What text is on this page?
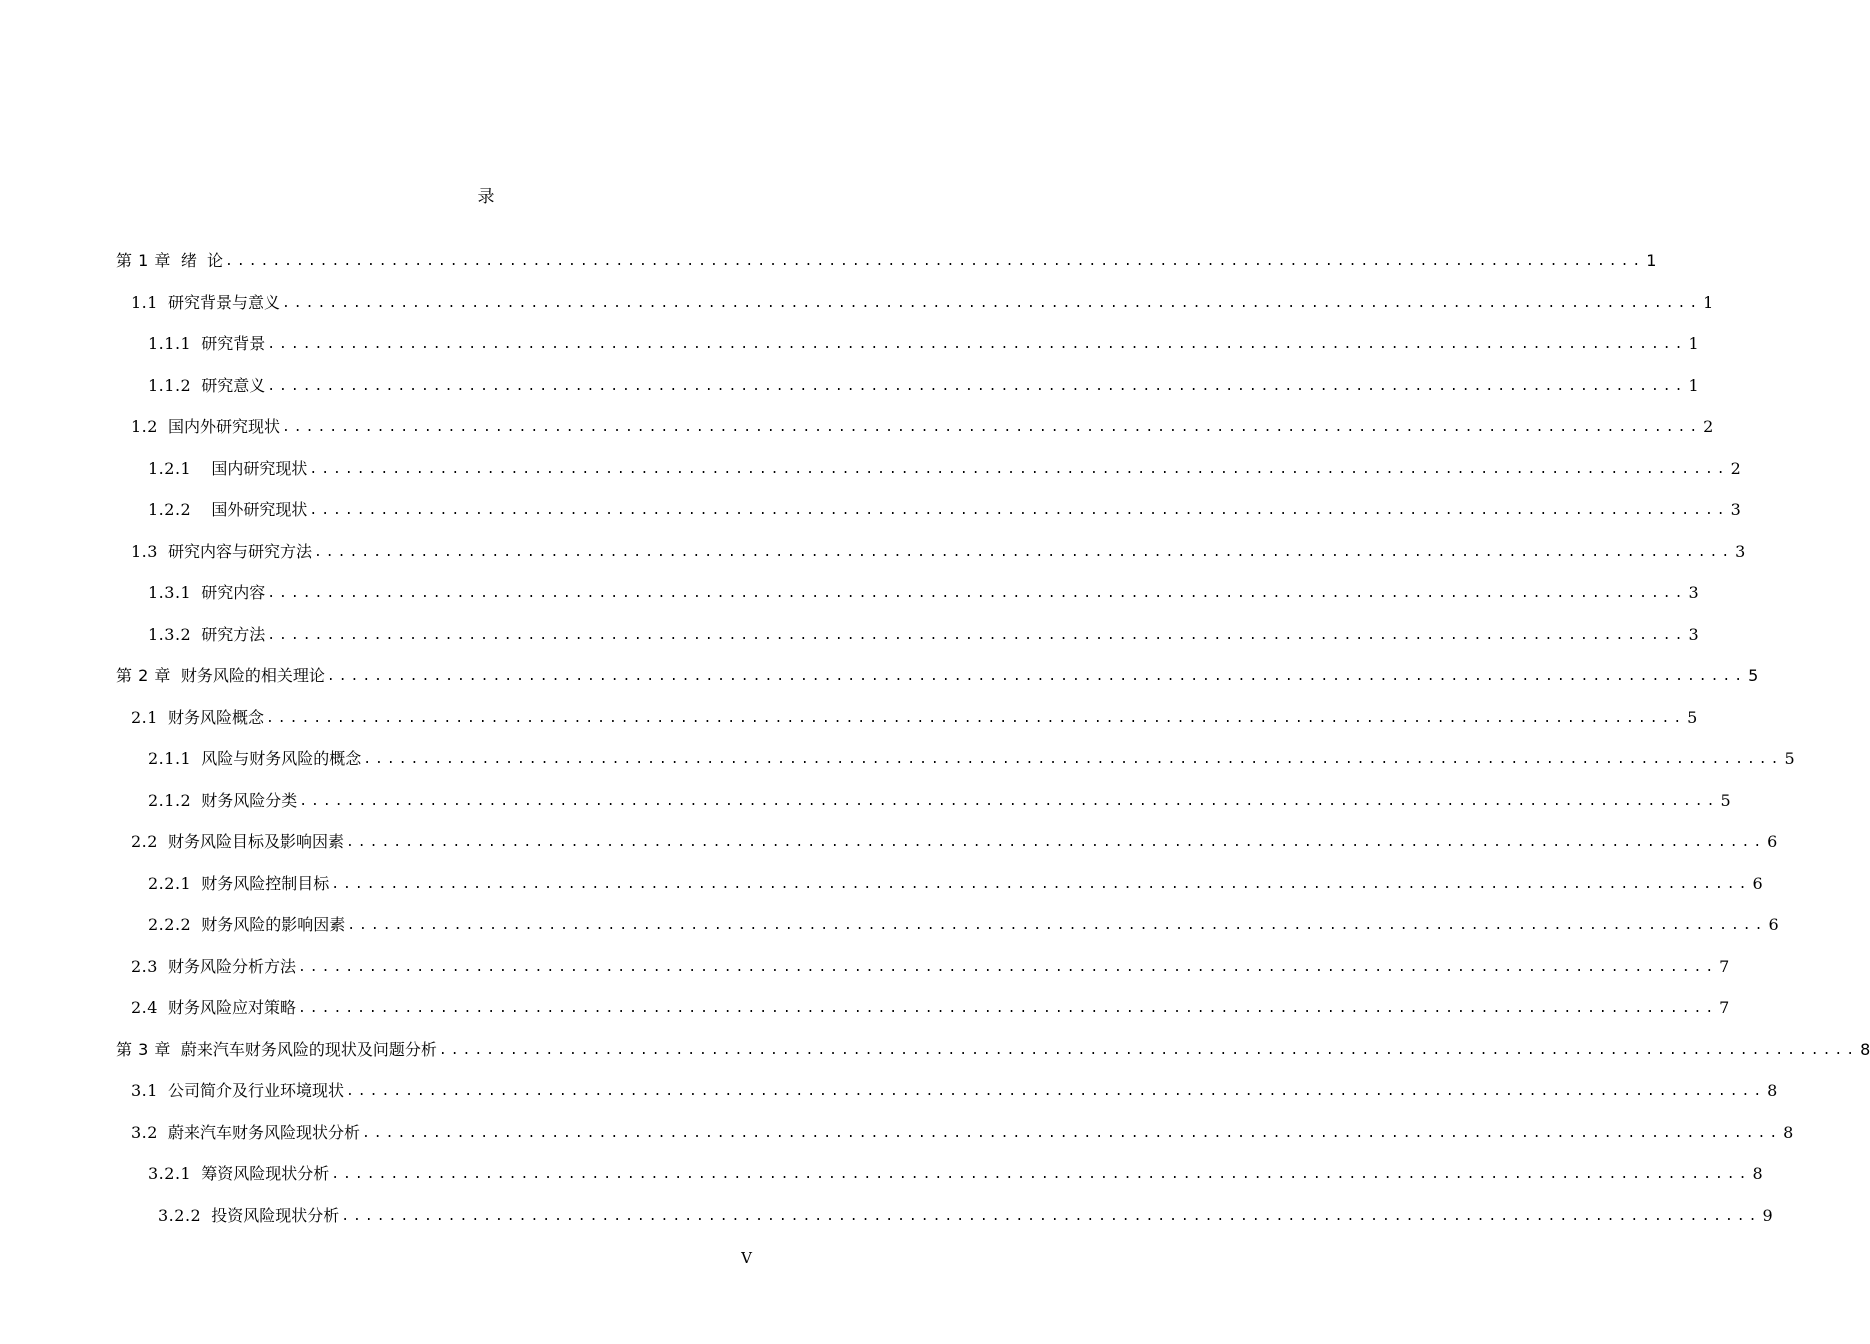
录
第 1 章 绪  论 ........................................................................................................................ 1
1.1 研究背景与意义 ........................................................................................................................ 1
1.1.1 研究背景 ........................................................................................................................ 1
1.1.2 研究意义 ........................................................................................................................ 1
1.2 国内外研究现状 ........................................................................................................................ 2
1.2.1 国内研究现状 ........................................................................................................................ 2
1.2.2 国外研究现状 ........................................................................................................................ 3
1.3 研究内容与研究方法 ........................................................................................................................ 3
1.3.1 研究内容 ........................................................................................................................ 3
1.3.2 研究方法 ........................................................................................................................ 3
第 2 章 财务风险的相关理论 ........................................................................................................................ 5
2.1 财务风险概念 ........................................................................................................................ 5
2.1.1 风险与财务风险的概念 ........................................................................................................................ 5
2.1.2 财务风险分类 ........................................................................................................................ 5
2.2 财务风险目标及影响因素 ........................................................................................................................ 6
2.2.1 财务风险控制目标 ........................................................................................................................ 6
2.2.2 财务风险的影响因素 ........................................................................................................................ 6
2.3 财务风险分析方法 ........................................................................................................................ 7
2.4 财务风险应对策略 ........................................................................................................................ 7
第 3 章 蔚来汽车财务风险的现状及问题分析 ........................................................................................................................ 8
3.1 公司简介及行业环境现状 ........................................................................................................................ 8
3.2 蔚来汽车财务风险现状分析 ........................................................................................................................ 8
3.2.1 筹资风险现状分析 ........................................................................................................................ 8
3.2.2 投资风险现状分析 ........................................................................................................................ 9
V
